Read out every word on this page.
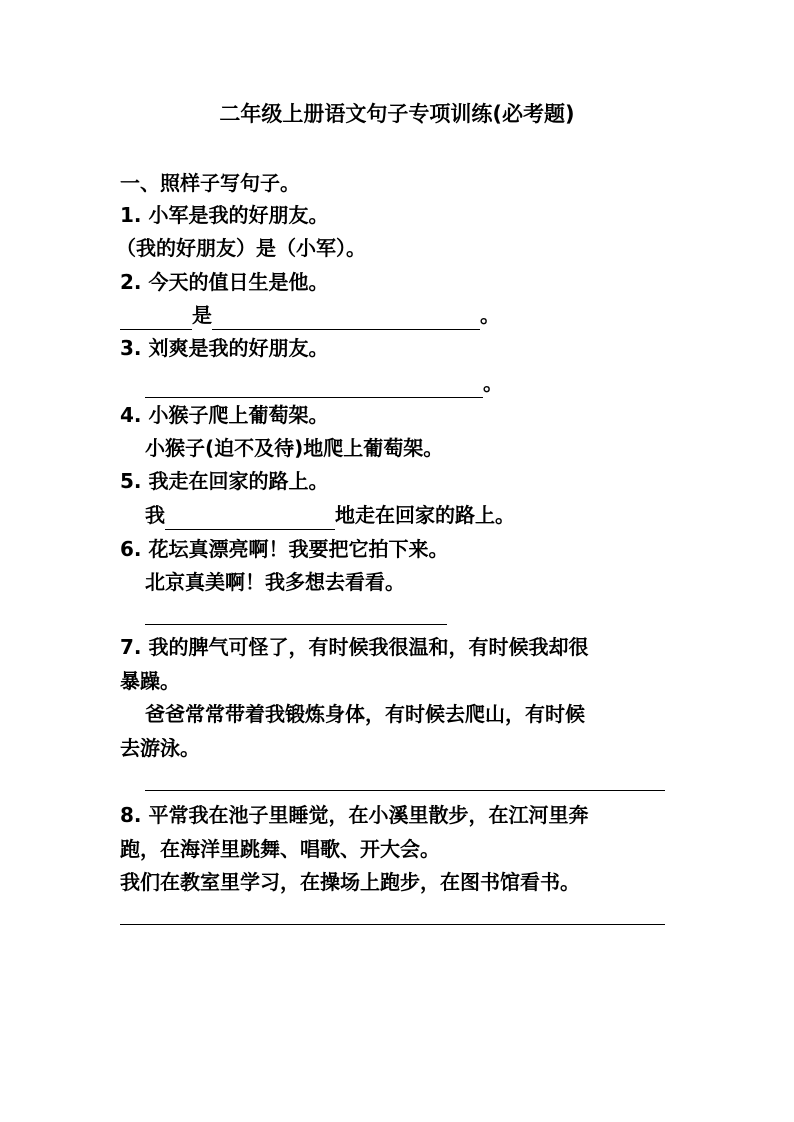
二年级上册语文句子专项训练(必考题)
一、照样子写句子。
1. 小军是我的好朋友。
（我的好朋友）是（小军）。
2. 今天的值日生是他。
是	。
3. 刘爽是我的好朋友。
。
4. 小猴子爬上葡萄架。
小猴子(迫不及待)地爬上葡萄架。
5. 我走在回家的路上。
我	地走在回家的路上。
6. 花坛真漂亮啊！我要把它拍下来。
北京真美啊！我多想去看看。
7. 我的脾气可怪了，有时候我很温和，有时候我却很
暴躁。
爸爸常常带着我锻炼身体，有时候去爬山，有时候
去游泳。
8. 平常我在池子里睡觉，在小溪里散步，在江河里奔
跑，在海洋里跳舞、唱歌、开大会。
我们在教室里学习，在操场上跑步，在图书馆看书。
